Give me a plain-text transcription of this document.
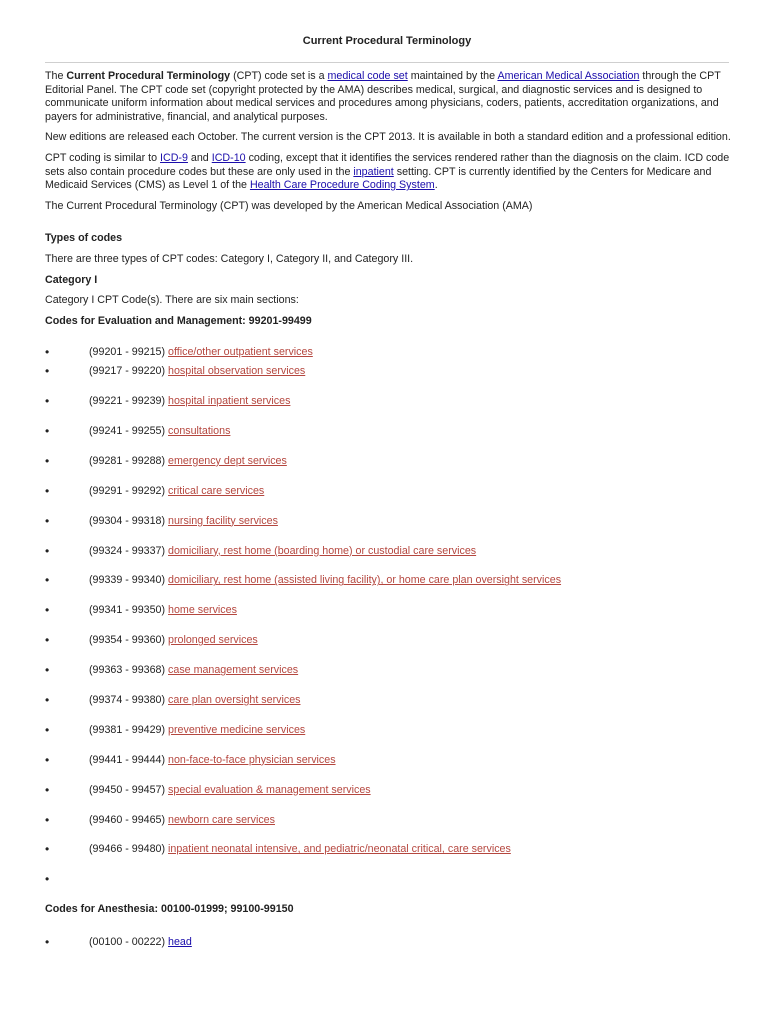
Current Procedural Terminology

The Current Procedural Terminology (CPT) code set is a medical code set maintained by the American Medical Association through the CPT Editorial Panel. The CPT code set (copyright protected by the AMA) describes medical, surgical, and diagnostic services and is designed to communicate uniform information about medical services and procedures among physicians, coders, patients, accreditation organizations, and payers for administrative, financial, and analytical purposes.

New editions are released each October. The current version is the CPT 2013. It is available in both a standard edition and a professional edition.

CPT coding is similar to ICD-9 and ICD-10 coding, except that it identifies the services rendered rather than the diagnosis on the claim. ICD code sets also contain procedure codes but these are only used in the inpatient setting. CPT is currently identified by the Centers for Medicare and Medicaid Services (CMS) as Level 1 of the Health Care Procedure Coding System.

The Current Procedural Terminology (CPT) was developed by the American Medical Association (AMA)

Types of codes

There are three types of CPT codes: Category I, Category II, and Category III.

Category I

Category I CPT Code(s). There are six main sections:

Codes for Evaluation and Management: 99201-99499

•	(99201 - 99215) office/other outpatient services
•	(99217 - 99220) hospital observation services
•	(99221 - 99239) hospital inpatient services
•	(99241 - 99255) consultations
•	(99281 - 99288) emergency dept services
•	(99291 - 99292) critical care services
•	(99304 - 99318) nursing facility services
•	(99324 - 99337) domiciliary, rest home (boarding home) or custodial care services
•	(99339 - 99340) domiciliary, rest home (assisted living facility), or home care plan oversight services
•	(99341 - 99350) home services
•	(99354 - 99360) prolonged services
•	(99363 - 99368) case management services
•	(99374 - 99380) care plan oversight services
•	(99381 - 99429) preventive medicine services
•	(99441 - 99444) non-face-to-face physician services
•	(99450 - 99457) special evaluation & management services
•	(99460 - 99465) newborn care services
•	(99466 - 99480) inpatient neonatal intensive, and pediatric/neonatal critical, care services
•

Codes for Anesthesia: 00100-01999; 99100-99150

•	(00100 - 00222) head
